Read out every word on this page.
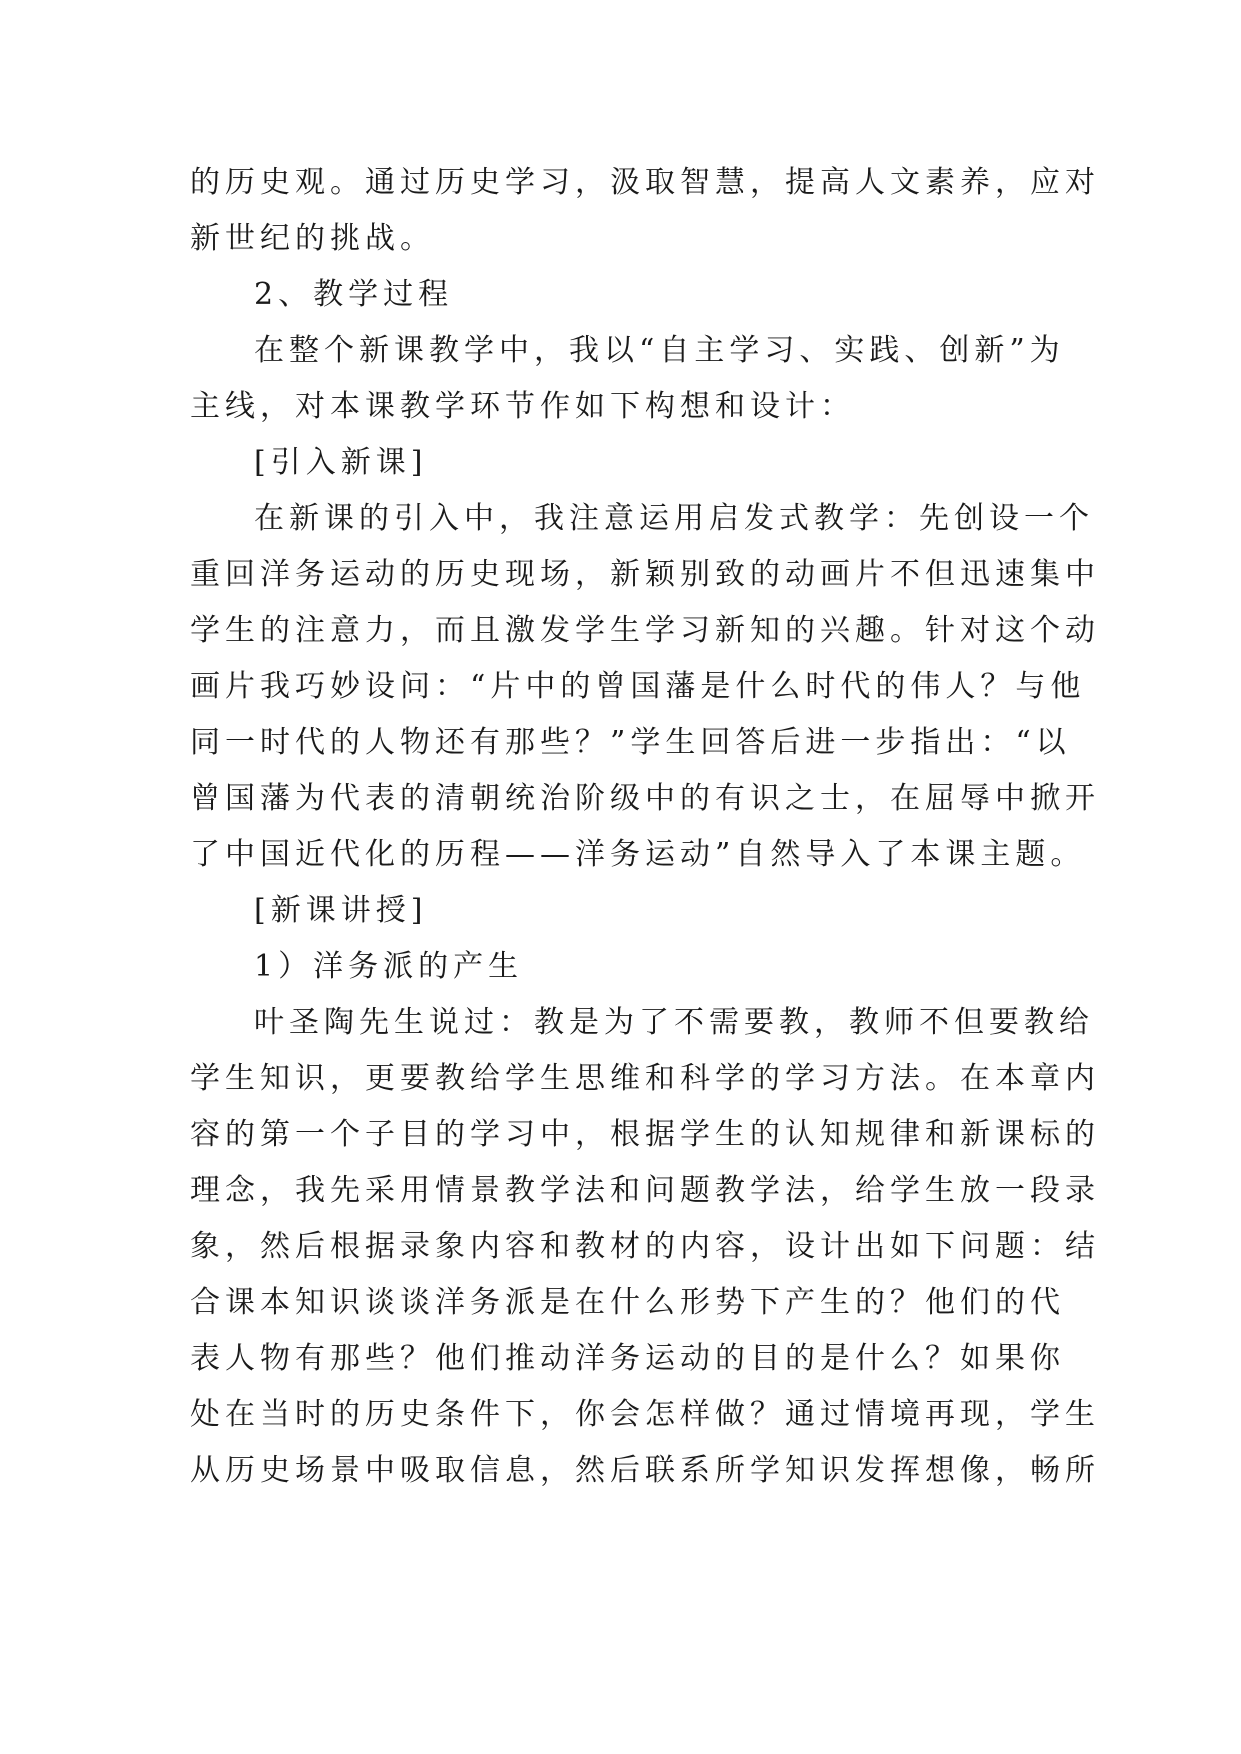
的历史观。通过历史学习，汲取智慧，提高人文素养，应对
新世纪的挑战。
2、教学过程
在整个新课教学中，我以“自主学习、实践、创新”为
主线，对本课教学环节作如下构想和设计：
[引入新课]
在新课的引入中，我注意运用启发式教学：先创设一个
重回洋务运动的历史现场，新颖别致的动画片不但迅速集中
学生的注意力，而且激发学生学习新知的兴趣。针对这个动
画片我巧妙设问：“片中的曾国藩是什么时代的伟人？与他
同一时代的人物还有那些？”学生回答后进一步指出：“以
曾国藩为代表的清朝统治阶级中的有识之士，在屈辱中掀开
了中国近代化的历程——洋务运动”自然导入了本课主题。
[新课讲授]
1）洋务派的产生
叶圣陶先生说过：教是为了不需要教，教师不但要教给
学生知识，更要教给学生思维和科学的学习方法。在本章内
容的第一个子目的学习中，根据学生的认知规律和新课标的
理念，我先采用情景教学法和问题教学法，给学生放一段录
象，然后根据录象内容和教材的内容，设计出如下问题：结
合课本知识谈谈洋务派是在什么形势下产生的？他们的代
表人物有那些？他们推动洋务运动的目的是什么？如果你
处在当时的历史条件下，你会怎样做？通过情境再现，学生
从历史场景中吸取信息，然后联系所学知识发挥想像，畅所
